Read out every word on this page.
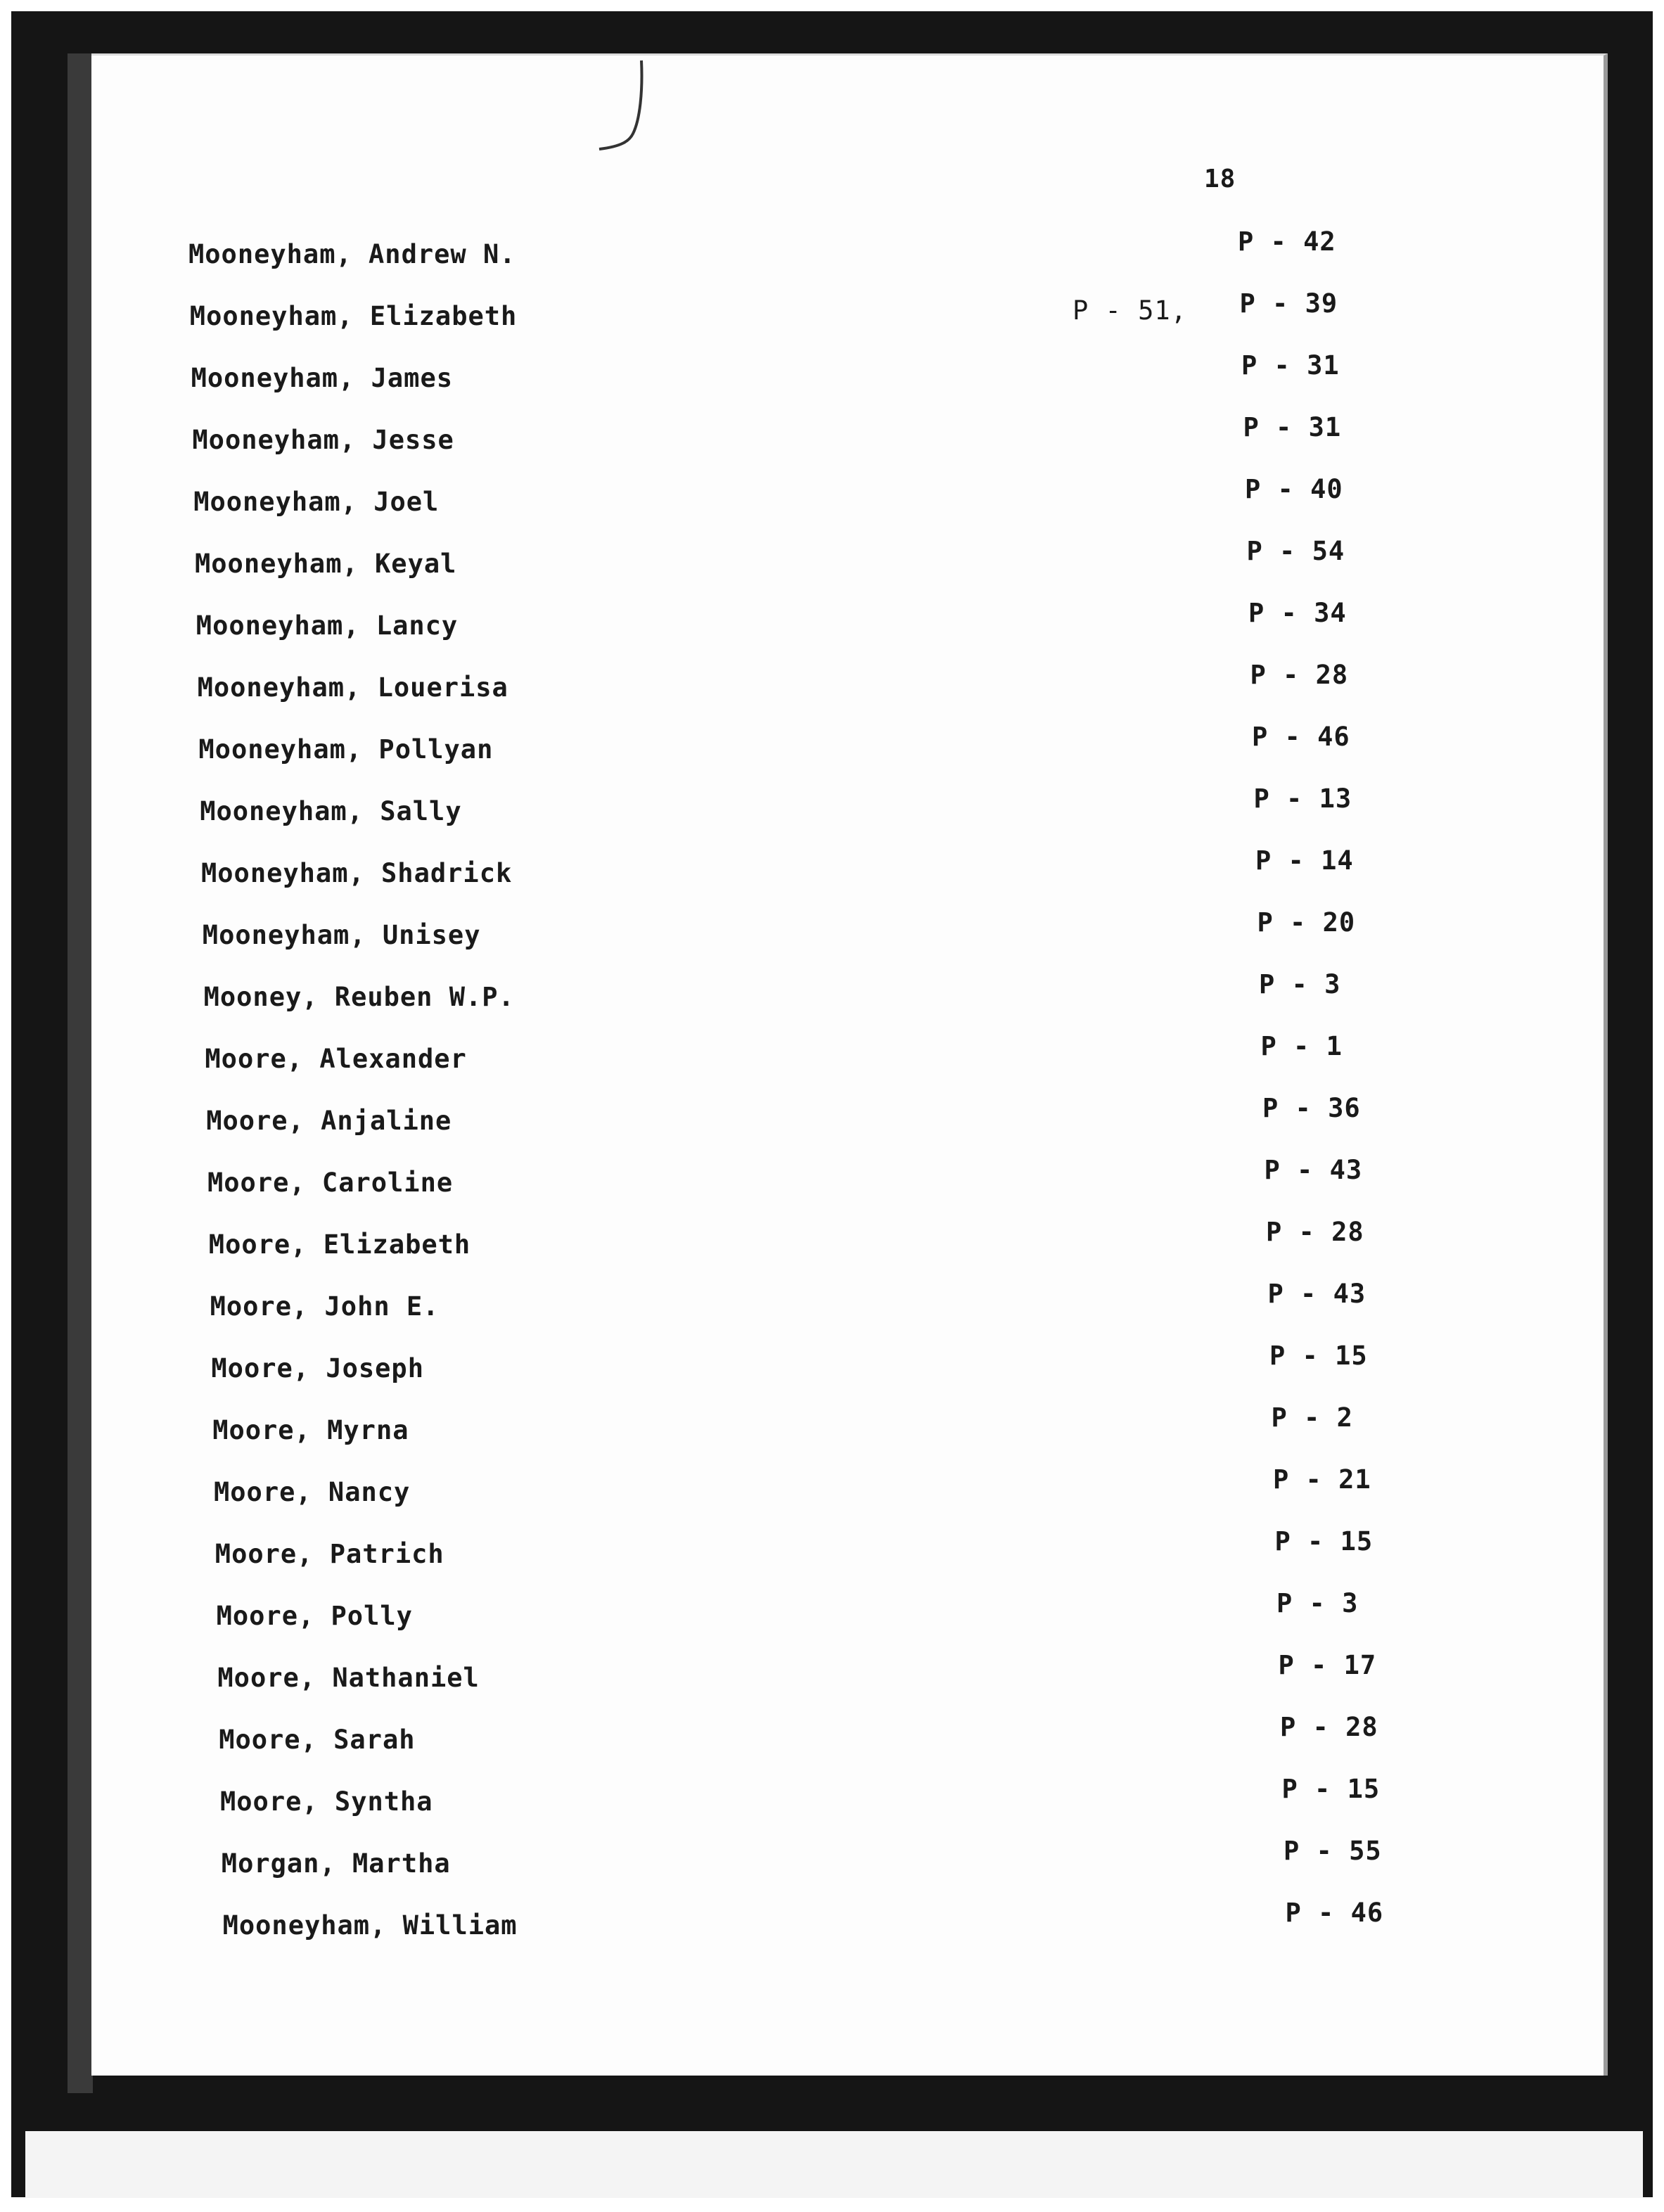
18
P - 51,
Mooneyham, Andrew N.	P - 42
Mooneyham, Elizabeth	P - 39
Mooneyham, James	P - 31
Mooneyham, Jesse	P - 31
Mooneyham, Joel	P - 40
Mooneyham, Keyal	P - 54
Mooneyham, Lancy	P - 34
Mooneyham, Louerisa	P - 28
Mooneyham, Pollyan	P - 46
Mooneyham, Sally	P - 13
Mooneyham, Shadrick	P - 14
Mooneyham, Unisey	P - 20
Mooney, Reuben W.P.	P - 3
Moore, Alexander	P - 1
Moore, Anjaline	P - 36
Moore, Caroline	P - 43
Moore, Elizabeth	P - 28
Moore, John E.	P - 43
Moore, Joseph	P - 15
Moore, Myrna	P - 2
Moore, Nancy	P - 21
Moore, Patrich	P - 15
Moore, Polly	P - 3
Moore, Nathaniel	P - 17
Moore, Sarah	P - 28
Moore, Syntha	P - 15
Morgan, Martha	P - 55
Mooneyham, William	P - 46
